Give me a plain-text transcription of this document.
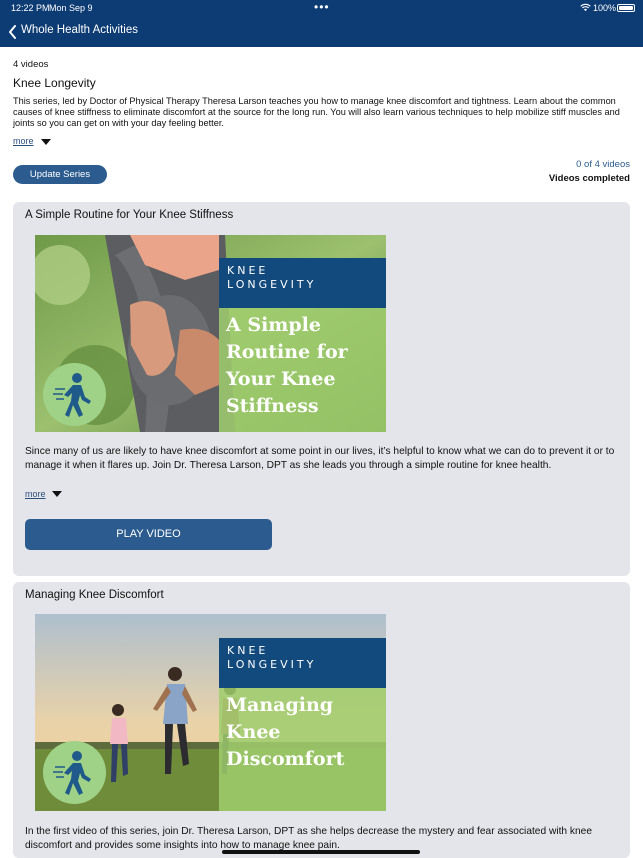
12:22 PM Mon Sep 9	•••	100%
Whole Health Activities
4 videos
Knee Longevity
This series, led by Doctor of Physical Therapy Theresa Larson teaches you how to manage knee discomfort and tightness. Learn about the common causes of knee stiffness to eliminate discomfort at the source for the long run. You will also learn various techniques to help mobilize stiff muscles and joints so you can get on with your day feeling better.
more
Update Series
0 of 4 videos
Videos completed
A Simple Routine for Your Knee Stiffness
KNEE
LONGEVITY
A Simple
Routine for
Your Knee
Stiffness
Since many of us are likely to have knee discomfort at some point in our lives, it’s helpful to know what we can do to prevent it or to manage it when it flares up. Join Dr. Theresa Larson, DPT as she leads you through a simple routine for knee health.
more
PLAY VIDEO
Managing Knee Discomfort
KNEE
LONGEVITY
Managing
Knee
Discomfort
In the first video of this series, join Dr. Theresa Larson, DPT as she helps decrease the mystery and fear associated with knee discomfort and provides some insights into how to manage knee pain.
